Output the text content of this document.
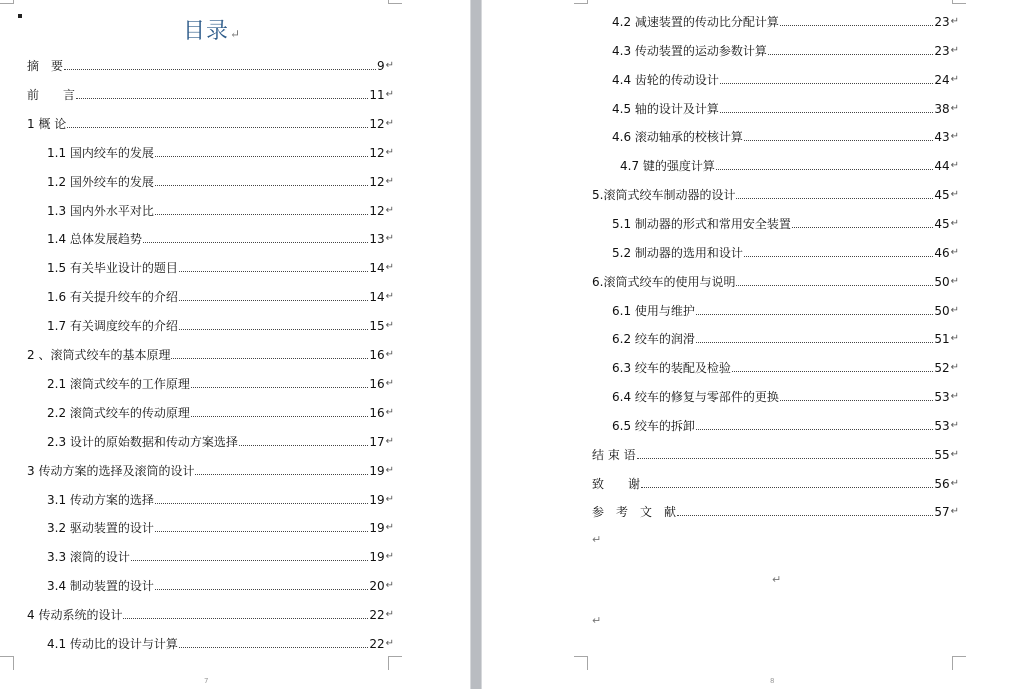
目录↵
摘　要	9 ↵
前　　言	11 ↵
1 概 论	12 ↵
1.1 国内绞车的发展	12 ↵
1.2 国外绞车的发展	12 ↵
1.3 国内外水平对比	12 ↵
1.4 总体发展趋势	13 ↵
1.5 有关毕业设计的题目	14 ↵
1.6 有关提升绞车的介绍	14 ↵
1.7 有关调度绞车的介绍	15 ↵
2 、滚筒式绞车的基本原理	16 ↵
2.1 滚筒式绞车的工作原理	16 ↵
2.2 滚筒式绞车的传动原理	16 ↵
2.3 设计的原始数据和传动方案选择	17 ↵
3 传动方案的选择及滚筒的设计	19 ↵
3.1 传动方案的选择	19 ↵
3.2 驱动装置的设计	19 ↵
3.3 滚筒的设计	19 ↵
3.4 制动装置的设计	20 ↵
4 传动系统的设计	22 ↵
4.1 传动比的设计与计算	22 ↵
7
4.2 减速装置的传动比分配计算	23 ↵
4.3 传动装置的运动参数计算	23 ↵
4.4 齿轮的传动设计	24 ↵
4.5 轴的设计及计算	38 ↵
4.6 滚动轴承的校核计算	43 ↵
4.7 键的强度计算	44 ↵
5.滚筒式绞车制动器的设计	45 ↵
5.1 制动器的形式和常用安全装置	45 ↵
5.2 制动器的选用和设计	46 ↵
6.滚筒式绞车的使用与说明	50 ↵
6.1 使用与维护	50 ↵
6.2 绞车的润滑	51 ↵
6.3 绞车的装配及检验	52 ↵
6.4 绞车的修复与零部件的更换	53 ↵
6.5 绞车的拆卸	53 ↵
结 束 语	55 ↵
致　　谢	56 ↵
参　考　文　献	57 ↵
↵
↵
↵
8
